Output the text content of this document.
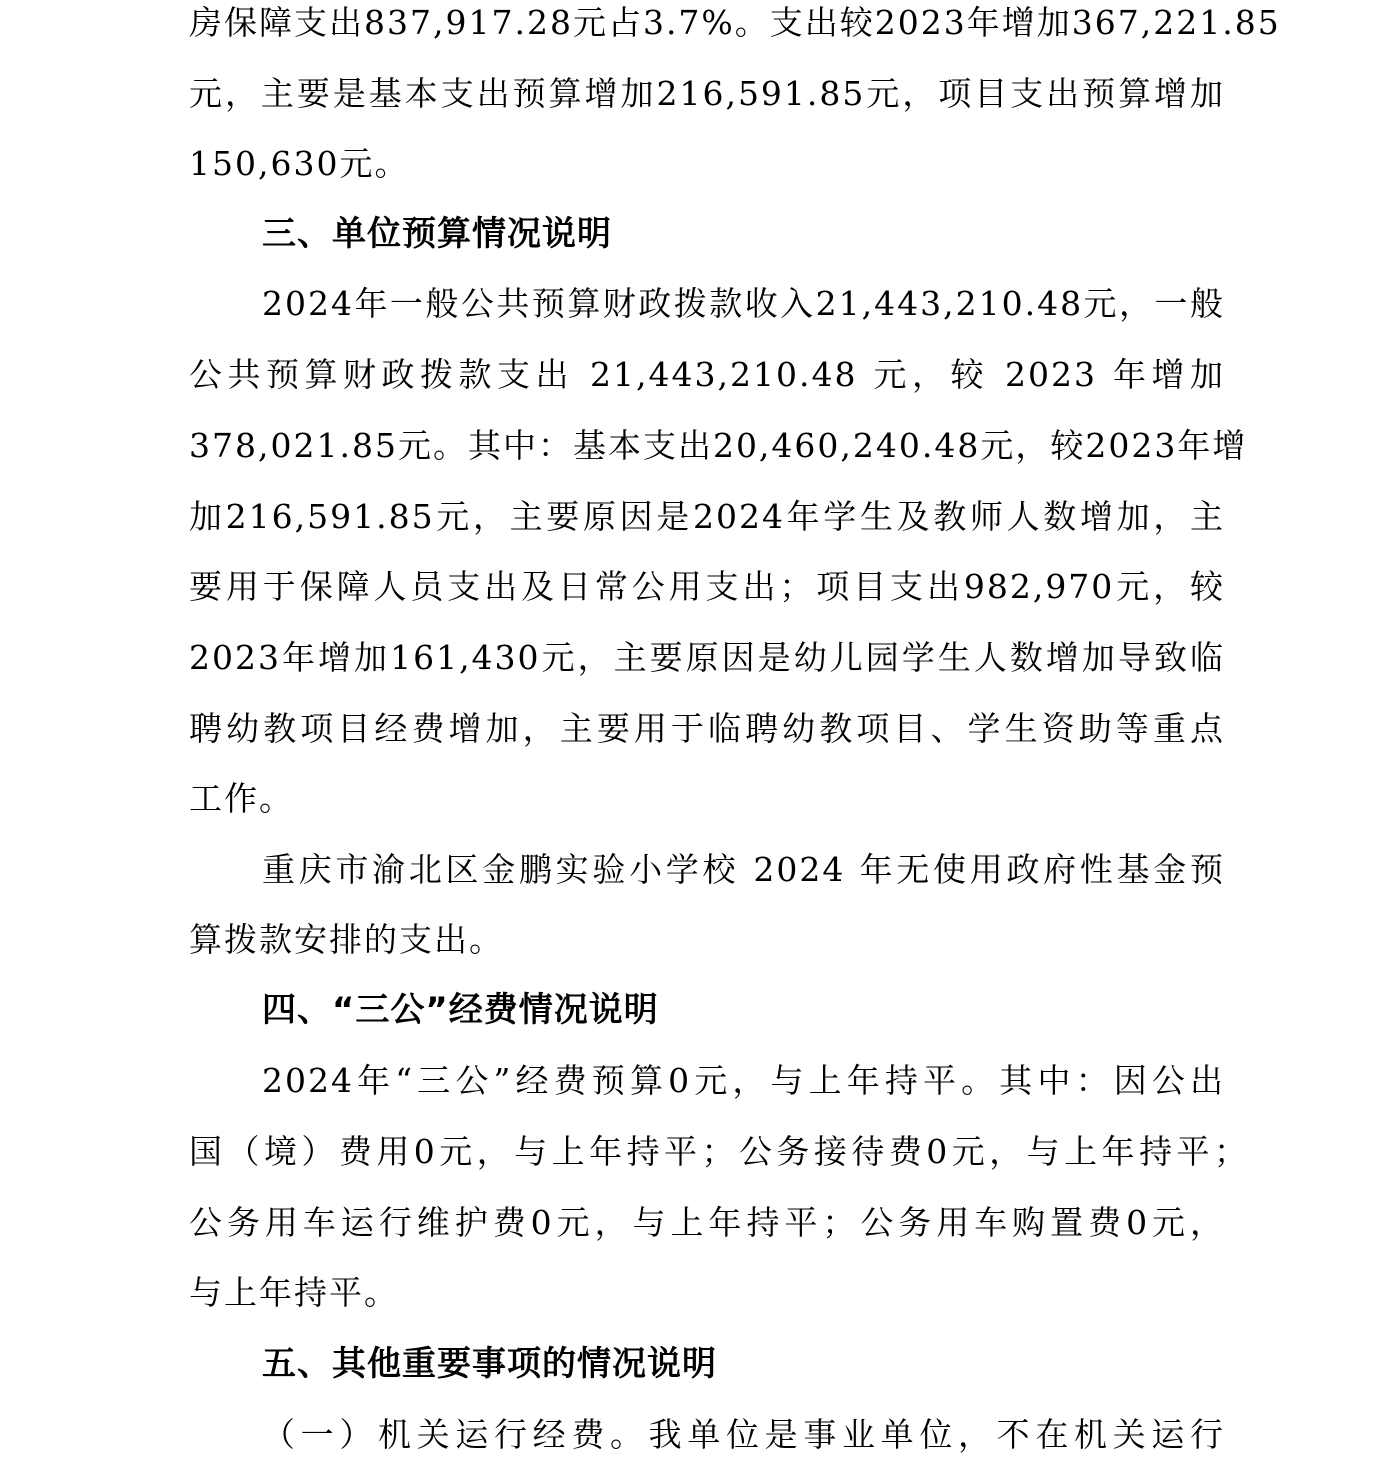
房保障支出837,917.28元占3.7%。支出较2023年增加367,221.85
元，主要是基本支出预算增加216,591.85元，项目支出预算增加
150,630元。
三、单位预算情况说明
2024年一般公共预算财政拨款收入21,443,210.48元，一般
公共预算财政拨款支出 21,443,210.48 元，较 2023 年增加
378,021.85元。其中：基本支出20,460,240.48元，较2023年增
加216,591.85元，主要原因是2024年学生及教师人数增加，主
要用于保障人员支出及日常公用支出；项目支出982,970元，较
2023年增加161,430元，主要原因是幼儿园学生人数增加导致临
聘幼教项目经费增加，主要用于临聘幼教项目、学生资助等重点
工作。
重庆市渝北区金鹏实验小学校 2024 年无使用政府性基金预
算拨款安排的支出。
四、“三公”经费情况说明
2024年“三公”经费预算0元，与上年持平。其中：因公出
国（境）费用0元，与上年持平；公务接待费0元，与上年持平；
公务用车运行维护费0元，与上年持平；公务用车购置费0元，
与上年持平。
五、其他重要事项的情况说明
（一）机关运行经费。我单位是事业单位，不在机关运行
